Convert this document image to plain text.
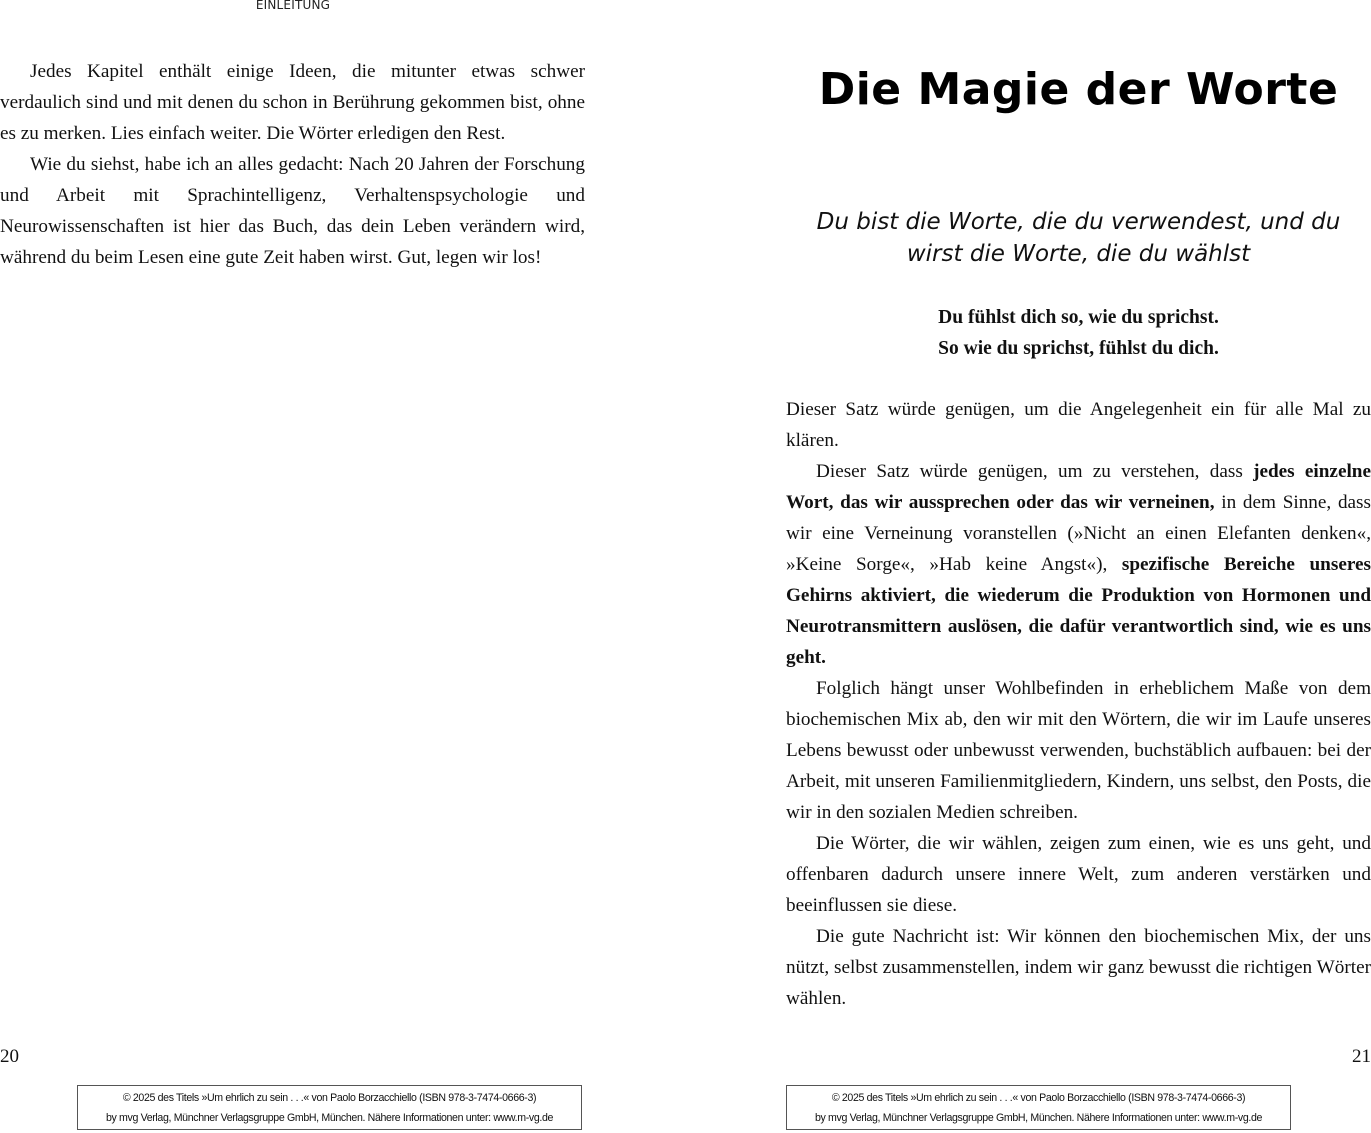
EINLEITUNG

Jedes Kapitel enthält einige Ideen, die mitunter etwas schwer verdaulich sind und mit denen du schon in Berührung gekommen bist, ohne es zu merken. Lies einfach weiter. Die Wörter erledigen den Rest.

Wie du siehst, habe ich an alles gedacht: Nach 20 Jahren der Forschung und Arbeit mit Sprachintelligenz, Verhaltenspsychologie und Neurowissenschaften ist hier das Buch, das dein Leben verändern wird, während du beim Lesen eine gute Zeit haben wirst. Gut, legen wir los!

20
© 2025 des Titels »Um ehrlich zu sein . . .« von Paolo Borzacchiello (ISBN 978-3-7474-0666-3)
by mvg Verlag, Münchner Verlagsgruppe GmbH, München. Nähere Informationen unter: www.m-vg.de
Die Magie der Worte
Du bist die Worte, die du verwendest, und du
wirst die Worte, die du wählst
Du fühlst dich so, wie du sprichst.
So wie du sprichst, fühlst du dich.

Dieser Satz würde genügen, um die Angelegenheit ein für alle Mal zu klären.

Dieser Satz würde genügen, um zu verstehen, dass jedes einzelne Wort, das wir aussprechen oder das wir verneinen, in dem Sinne, dass wir eine Verneinung voranstellen (»Nicht an einen Elefanten denken«, »Keine Sorge«, »Hab keine Angst«), spezifische Bereiche unseres Gehirns aktiviert, die wiederum die Produktion von Hormonen und Neurotransmittern auslösen, die dafür verantwortlich sind, wie es uns geht.

Folglich hängt unser Wohlbefinden in erheblichem Maße von dem biochemischen Mix ab, den wir mit den Wörtern, die wir im Laufe unseres Lebens bewusst oder unbewusst verwenden, buchstäblich aufbauen: bei der Arbeit, mit unseren Familienmitgliedern, Kindern, uns selbst, den Posts, die wir in den sozialen Medien schreiben.

Die Wörter, die wir wählen, zeigen zum einen, wie es uns geht, und offenbaren dadurch unsere innere Welt, zum anderen verstärken und beeinflussen sie diese.

Die gute Nachricht ist: Wir können den biochemischen Mix, der uns nützt, selbst zusammenstellen, indem wir ganz bewusst die richtigen Wörter wählen.

21
© 2025 des Titels »Um ehrlich zu sein . . .« von Paolo Borzacchiello (ISBN 978-3-7474-0666-3)
by mvg Verlag, Münchner Verlagsgruppe GmbH, München. Nähere Informationen unter: www.m-vg.de
